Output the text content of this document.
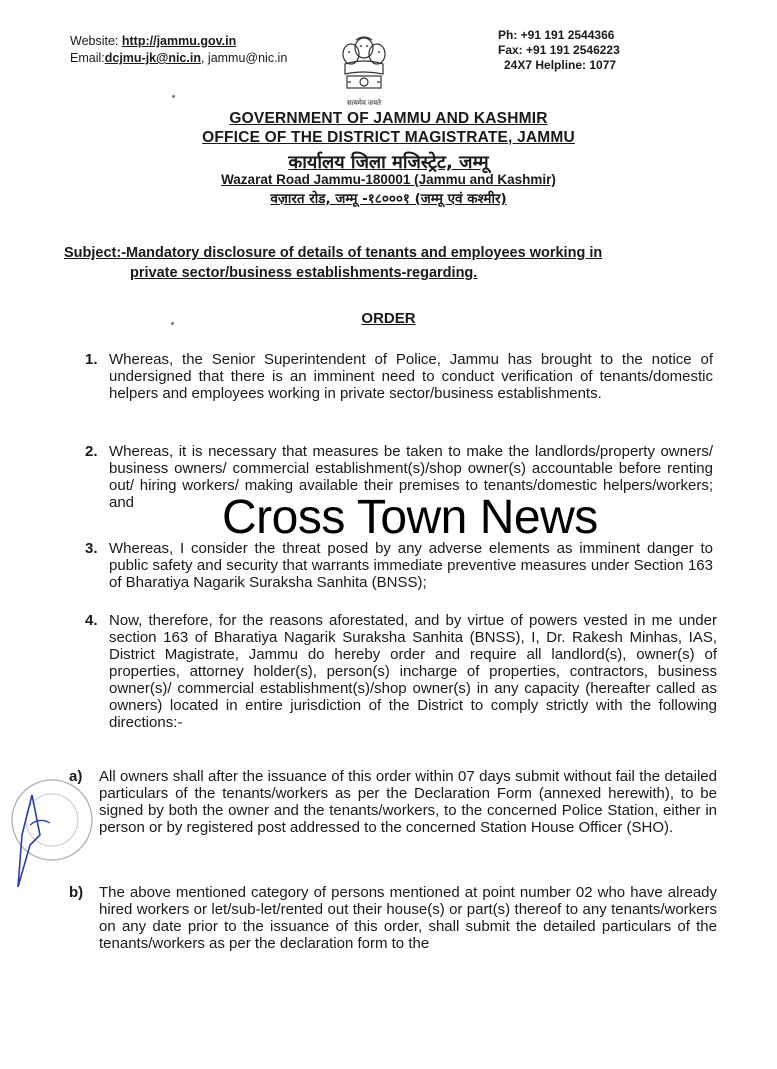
Website: http://jammu.gov.in
Email:dcjmu-jk@nic.in, jammu@nic.in
सत्यमेव जयते
Ph: +91 191 2544366
Fax: +91 191 2546223
24X7 Helpline: 1077
GOVERNMENT OF JAMMU AND KASHMIR
OFFICE OF THE DISTRICT MAGISTRATE, JAMMU
कार्यालय जिला मजिस्ट्रेट, जम्मू
Wazarat Road Jammu-180001 (Jammu and Kashmir)
वज़ारत रोड, जम्मू -१८०००१ (जम्मू एवं कश्मीर)
Subject:-Mandatory disclosure of details of tenants and employees working in
private sector/business establishments-regarding.
ORDER
1. Whereas, the Senior Superintendent of Police, Jammu has brought to the notice of undersigned that there is an imminent need to conduct verification of tenants/domestic helpers and employees working in private sector/business establishments.
2. Whereas, it is necessary that measures be taken to make the landlords/property owners/ business owners/ commercial establishment(s)/shop owner(s) accountable before renting out/ hiring workers/ making available their premises to tenants/domestic helpers/workers; and
3. Whereas, I consider the threat posed by any adverse elements as imminent danger to public safety and security that warrants immediate preventive measures under Section 163 of Bharatiya Nagarik Suraksha Sanhita (BNSS);
4. Now, therefore, for the reasons aforestated, and by virtue of powers vested in me under section 163 of Bharatiya Nagarik Suraksha Sanhita (BNSS), I, Dr. Rakesh Minhas, IAS, District Magistrate, Jammu do hereby order and require all landlord(s), owner(s) of properties, attorney holder(s), person(s) incharge of properties, contractors, business owner(s)/ commercial establishment(s)/shop owner(s) in any capacity (hereafter called as owners) located in entire jurisdiction of the District to comply strictly with the following directions:-
a) All owners shall after the issuance of this order within 07 days submit without fail the detailed particulars of the tenants/workers as per the Declaration Form (annexed herewith), to be signed by both the owner and the tenants/workers, to the concerned Police Station, either in person or by registered post addressed to the concerned Station House Officer (SHO).
b) The above mentioned category of persons mentioned at point number 02 who have already hired workers or let/sub-let/rented out their house(s) or part(s) thereof to any tenants/workers on any date prior to the issuance of this order, shall submit the detailed particulars of the tenants/workers as per the declaration form to the
Cross Town News
